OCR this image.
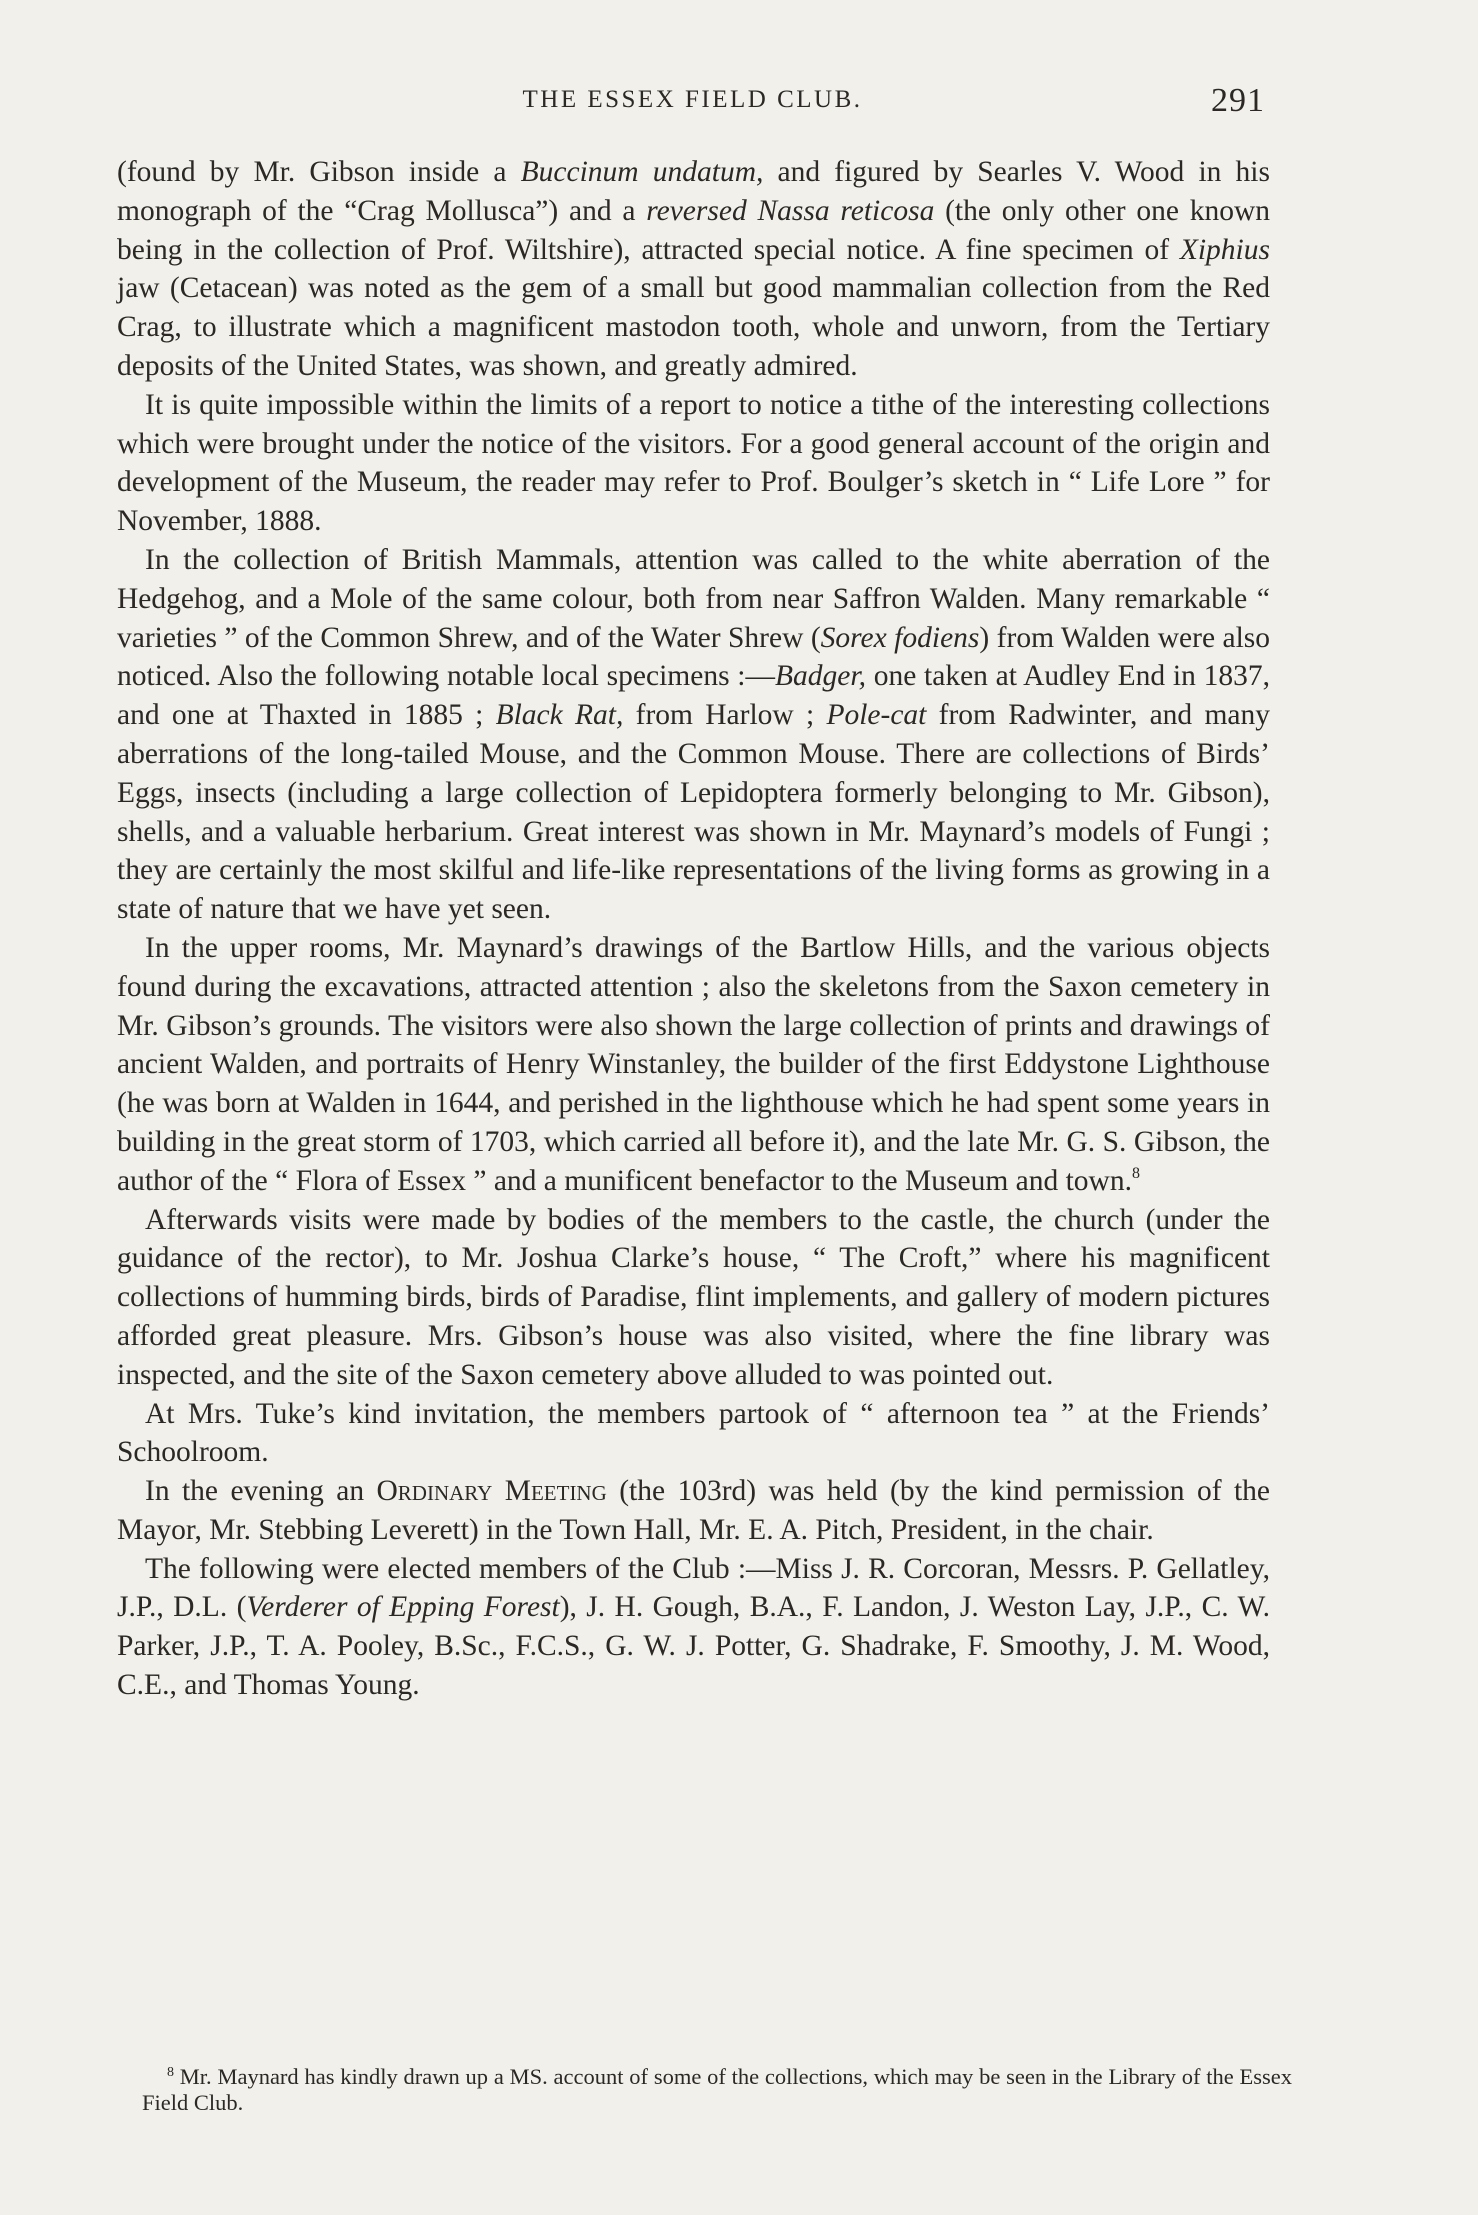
THE ESSEX FIELD CLUB.	291

(found by Mr. Gibson inside a Buccinum undatum, and figured by Searles V. Wood in his monograph of the “Crag Mollusca”) and a reversed Nassa reticosa (the only other one known being in the collection of Prof. Wiltshire), attracted special notice. A fine specimen of Xiphius jaw (Cetacean) was noted as the gem of a small but good mammalian collection from the Red Crag, to illustrate which a magnificent mastodon tooth, whole and unworn, from the Tertiary deposits of the United States, was shown, and greatly admired.

It is quite impossible within the limits of a report to notice a tithe of the interesting collections which were brought under the notice of the visitors. For a good general account of the origin and development of the Museum, the reader may refer to Prof. Boulger’s sketch in “ Life Lore ” for November, 1888.

In the collection of British Mammals, attention was called to the white aberration of the Hedgehog, and a Mole of the same colour, both from near Saffron Walden. Many remarkable “ varieties ” of the Common Shrew, and of the Water Shrew (Sorex fodiens) from Walden were also noticed. Also the following notable local specimens :—Badger, one taken at Audley End in 1837, and one at Thaxted in 1885 ; Black Rat, from Harlow ; Pole-cat from Radwinter, and many aberrations of the long-tailed Mouse, and the Common Mouse. There are collections of Birds’ Eggs, insects (including a large collection of Lepidoptera formerly belonging to Mr. Gibson), shells, and a valuable herbarium. Great interest was shown in Mr. Maynard’s models of Fungi ; they are certainly the most skilful and life-like representations of the living forms as growing in a state of nature that we have yet seen.

In the upper rooms, Mr. Maynard’s drawings of the Bartlow Hills, and the various objects found during the excavations, attracted attention ; also the skeletons from the Saxon cemetery in Mr. Gibson’s grounds. The visitors were also shown the large collection of prints and drawings of ancient Walden, and portraits of Henry Winstanley, the builder of the first Eddystone Lighthouse (he was born at Walden in 1644, and perished in the lighthouse which he had spent some years in building in the great storm of 1703, which carried all before it), and the late Mr. G. S. Gibson, the author of the “ Flora of Essex ” and a munificent benefactor to the Museum and town.$^8$

Afterwards visits were made by bodies of the members to the castle, the church (under the guidance of the rector), to Mr. Joshua Clarke’s house, “ The Croft,” where his magnificent collections of humming birds, birds of Paradise, flint implements, and gallery of modern pictures afforded great pleasure. Mrs. Gibson’s house was also visited, where the fine library was inspected, and the site of the Saxon cemetery above alluded to was pointed out.

At Mrs. Tuke’s kind invitation, the members partook of “ afternoon tea ” at the Friends’ Schoolroom.

In the evening an Ordinary Meeting (the 103rd) was held (by the kind permission of the Mayor, Mr. Stebbing Leverett) in the Town Hall, Mr. E. A. Pitch, President, in the chair.

The following were elected members of the Club :—Miss J. R. Corcoran, Messrs. P. Gellatley, J.P., D.L. (Verderer of Epping Forest), J. H. Gough, B.A., F. Landon, J. Weston Lay, J.P., C. W. Parker, J.P., T. A. Pooley, B.Sc., F.C.S., G. W. J. Potter, G. Shadrake, F. Smoothy, J. M. Wood, C.E., and Thomas Young.

$^8$ Mr. Maynard has kindly drawn up a MS. account of some of the collections, which may be seen in the Library of the Essex Field Club.
